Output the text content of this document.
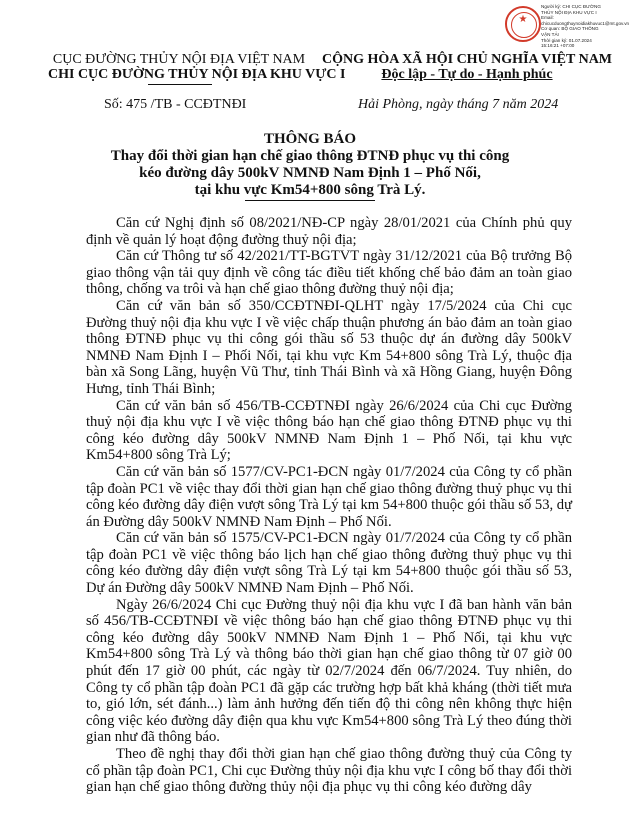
★
Người ký: CHI CỤC ĐƯỜNG
THỦY NỘI ĐỊA KHU VỰC I
Email:
chicucduongthuynoidiakhuvuc1@mt.gov.vn
Cơ quan: BỘ GIAO THÔNG
VẬN TẢI
Thời gian ký: 01.07.2024
15:16:21 +07:00
CỤC ĐƯỜNG THỦY NỘI ĐỊA VIỆT NAM
CHI CỤC ĐƯỜNG THỦY NỘI ĐỊA KHU VỰC I
Số: 475 /TB - CCĐTNĐI
CỘNG HÒA XÃ HỘI CHỦ NGHĨA VIỆT NAM
Độc lập - Tự do - Hạnh phúc
Hải Phòng, ngày tháng 7 năm 2024
THÔNG BÁO
Thay đổi thời gian hạn chế giao thông ĐTNĐ phục vụ thi công
kéo đường dây 500kV NMNĐ Nam Định 1 – Phố Nối,
tại khu vực Km54+800 sông Trà Lý.

Căn cứ Nghị định số 08/2021/NĐ-CP ngày 28/01/2021 của Chính phủ quy định về quản lý hoạt động đường thuỷ nội địa;

Căn cứ Thông tư số 42/2021/TT-BGTVT ngày 31/12/2021 của Bộ trưởng Bộ giao thông vận tải quy định về công tác điều tiết khống chế bảo đảm an toàn giao thông, chống va trôi và hạn chế giao thông đường thuỷ nội địa;

Căn cứ văn bản số 350/CCĐTNĐI-QLHT ngày 17/5/2024 của Chi cục Đường thuỷ nội địa khu vực I về việc chấp thuận phương án bảo đảm an toàn giao thông ĐTNĐ phục vụ thi công gói thầu số 53 thuộc dự án đường dây 500kV NMNĐ Nam Định I – Phối Nối, tại khu vực Km 54+800 sông Trà Lý, thuộc địa bàn xã Song Lãng, huyện Vũ Thư, tỉnh Thái Bình và xã Hồng Giang, huyện Đông Hưng, tỉnh Thái Bình;

Căn cứ văn bản số 456/TB-CCĐTNĐI ngày 26/6/2024 của Chi cục Đường thuỷ nội địa khu vực I về việc thông báo hạn chế giao thông ĐTNĐ phục vụ thi công kéo đường dây 500kV NMNĐ Nam Định 1 – Phố Nối, tại khu vực Km54+800 sông Trà Lý;

Căn cứ văn bản số 1577/CV-PC1-ĐCN ngày 01/7/2024 của Công ty cổ phần tập đoàn PC1 về việc thay đổi thời gian hạn chế giao thông đường thuỷ phục vụ thi công kéo đường dây điện vượt sông Trà Lý tại km 54+800 thuộc gói thầu số 53, dự án Đường dây 500kV NMNĐ Nam Định – Phố Nối.

Căn cứ văn bản số 1575/CV-PC1-ĐCN ngày 01/7/2024 của Công ty cổ phần tập đoàn PC1 về việc thông báo lịch hạn chế giao thông đường thuỷ phục vụ thi công kéo đường dây điện vượt sông Trà Lý tại km 54+800 thuộc gói thầu số 53, Dự án Đường dây 500kV NMNĐ Nam Định – Phố Nối.

Ngày 26/6/2024 Chi cục Đường thuỷ nội địa khu vực I đã ban hành văn bản số 456/TB-CCĐTNĐI về việc thông báo hạn chế giao thông ĐTNĐ phục vụ thi công kéo đường dây 500kV NMNĐ Nam Định 1 – Phố Nối, tại khu vực Km54+800 sông Trà Lý và thông báo thời gian hạn chế giao thông từ 07 giờ 00 phút đến 17 giờ 00 phút, các ngày từ 02/7/2024 đến 06/7/2024. Tuy nhiên, do Công ty cổ phần tập đoàn PC1 đã gặp các trường hợp bất khả kháng (thời tiết mưa to, gió lớn, sét đánh...) làm ảnh hưởng đến tiến độ thi công nên không thực hiện công việc kéo đường dây điện qua khu vực Km54+800 sông Trà Lý theo đúng thời gian như đã thông báo.

Theo đề nghị thay đổi thời gian hạn chế giao thông đường thuỷ của Công ty cổ phần tập đoàn PC1, Chi cục Đường thủy nội địa khu vực I công bố thay đổi thời gian hạn chế giao thông đường thủy nội địa phục vụ thi công kéo đường dây
